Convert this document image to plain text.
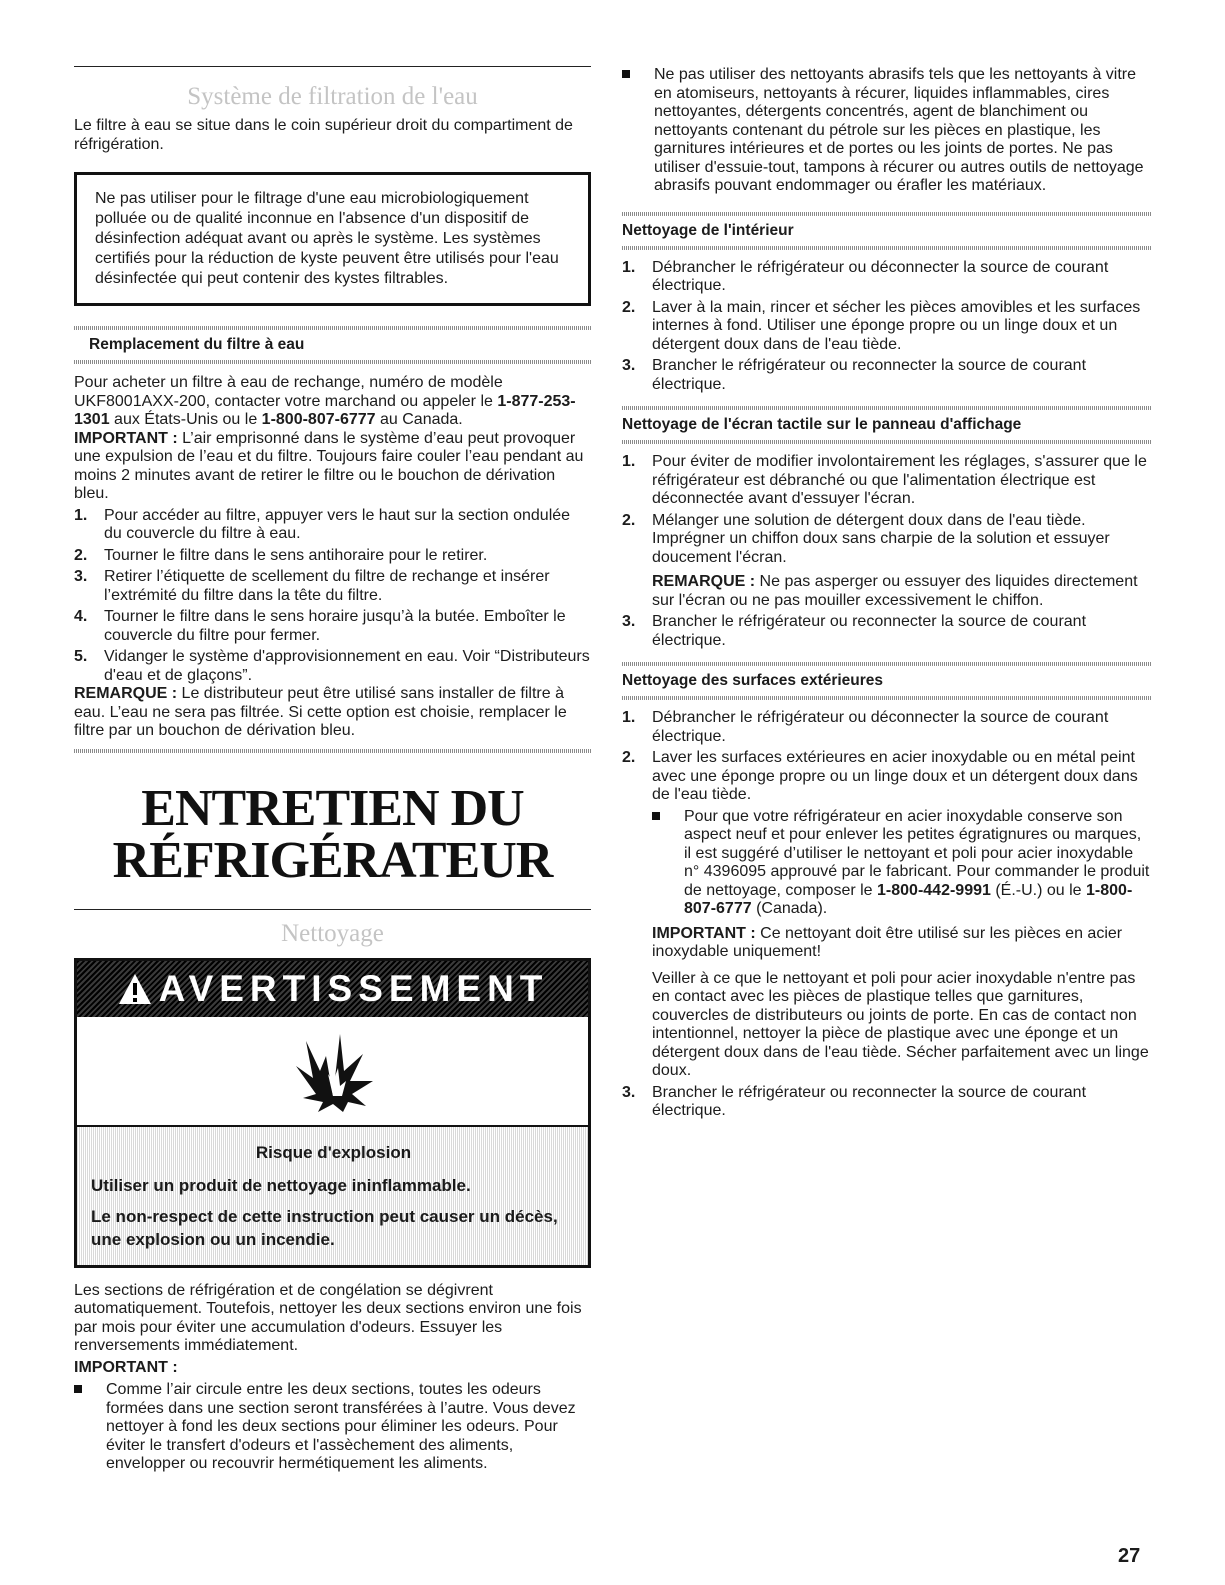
Système de filtration de l'eau

Le filtre à eau se situe dans le coin supérieur droit du compartiment de réfrigération.

Ne pas utiliser pour le filtrage d'une eau microbiologiquement polluée ou de qualité inconnue en l'absence d'un dispositif de désinfection adéquat avant ou après le système. Les systèmes certifiés pour la réduction de kyste peuvent être utilisés pour l'eau désinfectée qui peut contenir des kystes filtrables.

Remplacement du filtre à eau

Pour acheter un filtre à eau de rechange, numéro de modèle UKF8001AXX-200, contacter votre marchand ou appeler le 1-877-253-1301 aux États-Unis ou le 1-800-807-6777 au Canada.

IMPORTANT : L’air emprisonné dans le système d’eau peut provoquer une expulsion de l’eau et du filtre. Toujours faire couler l’eau pendant au moins 2 minutes avant de retirer le filtre ou le bouchon de dérivation bleu.

1. Pour accéder au filtre, appuyer vers le haut sur la section ondulée du couvercle du filtre à eau.
2. Tourner le filtre dans le sens antihoraire pour le retirer.
3. Retirer l’étiquette de scellement du filtre de rechange et insérer l’extrémité du filtre dans la tête du filtre.
4. Tourner le filtre dans le sens horaire jusqu’à la butée. Emboîter le couvercle du filtre pour fermer.
5. Vidanger le système d'approvisionnement en eau. Voir “Distributeurs d'eau et de glaçons”.

REMARQUE : Le distributeur peut être utilisé sans installer de filtre à eau. L’eau ne sera pas filtrée. Si cette option est choisie, remplacer le filtre par un bouchon de dérivation bleu.

ENTRETIEN DU
RÉFRIGÉRATEUR
Nettoyage
AVERTISSEMENT

Risque d'explosion

Utiliser un produit de nettoyage ininflammable.

Le non-respect de cette instruction peut causer un décès, une explosion ou un incendie.

Les sections de réfrigération et de congélation se dégivrent automatiquement. Toutefois, nettoyer les deux sections environ une fois par mois pour éviter une accumulation d'odeurs. Essuyer les renversements immédiatement.

IMPORTANT :

Comme l’air circule entre les deux sections, toutes les odeurs formées dans une section seront transférées à l’autre. Vous devez nettoyer à fond les deux sections pour éliminer les odeurs. Pour éviter le transfert d'odeurs et l'assèchement des aliments, envelopper ou recouvrir hermétiquement les aliments.
Ne pas utiliser des nettoyants abrasifs tels que les nettoyants à vitre en atomiseurs, nettoyants à récurer, liquides inflammables, cires nettoyantes, détergents concentrés, agent de blanchiment ou nettoyants contenant du pétrole sur les pièces en plastique, les garnitures intérieures et de portes ou les joints de portes. Ne pas utiliser d'essuie-tout, tampons à récurer ou autres outils de nettoyage abrasifs pouvant endommager ou érafler les matériaux.
Nettoyage de l'intérieur
1. Débrancher le réfrigérateur ou déconnecter la source de courant électrique.
2. Laver à la main, rincer et sécher les pièces amovibles et les surfaces internes à fond. Utiliser une éponge propre ou un linge doux et un détergent doux dans de l'eau tiède.
3. Brancher le réfrigérateur ou reconnecter la source de courant électrique.
Nettoyage de l'écran tactile sur le panneau d'affichage
1. Pour éviter de modifier involontairement les réglages, s'assurer que le réfrigérateur est débranché ou que l'alimentation électrique est déconnectée avant d'essuyer l'écran.
2. Mélanger une solution de détergent doux dans de l'eau tiède. Imprégner un chiffon doux sans charpie de la solution et essuyer doucement l'écran.
REMARQUE : Ne pas asperger ou essuyer des liquides directement sur l'écran ou ne pas mouiller excessivement le chiffon.
3. Brancher le réfrigérateur ou reconnecter la source de courant électrique.
Nettoyage des surfaces extérieures
1. Débrancher le réfrigérateur ou déconnecter la source de courant électrique.
2. Laver les surfaces extérieures en acier inoxydable ou en métal peint avec une éponge propre ou un linge doux et un détergent doux dans de l'eau tiède.
Pour que votre réfrigérateur en acier inoxydable conserve son aspect neuf et pour enlever les petites égratignures ou marques, il est suggéré d’utiliser le nettoyant et poli pour acier inoxydable n° 4396095 approuvé par le fabricant. Pour commander le produit de nettoyage, composer le 1-800-442-9991 (É.-U.) ou le 1-800-807-6777 (Canada).
IMPORTANT : Ce nettoyant doit être utilisé sur les pièces en acier inoxydable uniquement!
Veiller à ce que le nettoyant et poli pour acier inoxydable n'entre pas en contact avec les pièces de plastique telles que garnitures, couvercles de distributeurs ou joints de porte. En cas de contact non intentionnel, nettoyer la pièce de plastique avec une éponge et un détergent doux dans de l'eau tiède. Sécher parfaitement avec un linge doux.
3. Brancher le réfrigérateur ou reconnecter la source de courant électrique.
27
